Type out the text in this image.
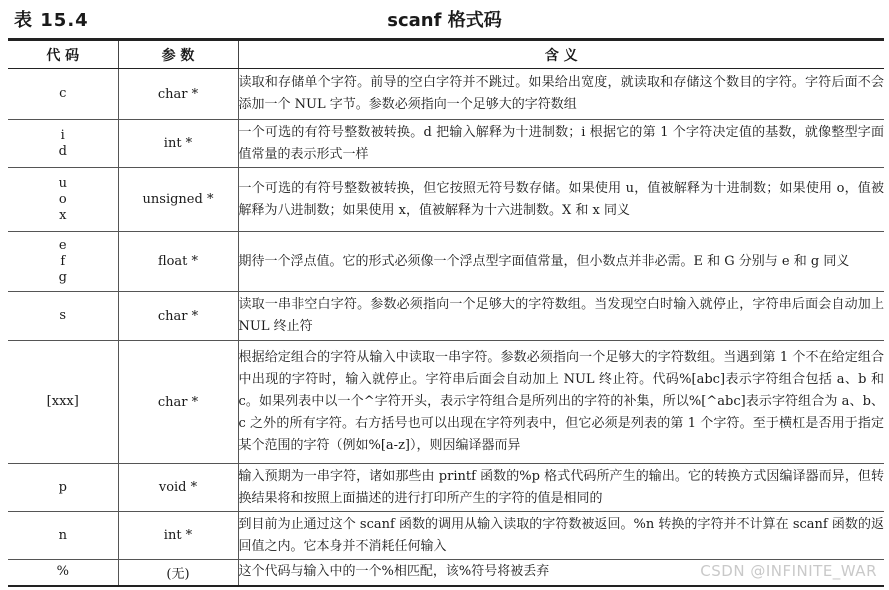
表 15.4	scanf 格式码
代 码	参 数	含 义

c	char *	读取和存储单个字符。前导的空白字符并不跳过。如果给出宽度，就读取和存储这个数目的字符。字符后面不会添加一个 NUL 字节。参数必须指向一个足够大的字符数组

i
d	int *	一个可选的有符号整数被转换。d 把输入解释为十进制数；i 根据它的第 1 个字符决定值的基数，就像整型字面值常量的表示形式一样

u
o
x	unsigned *	一个可选的有符号整数被转换，但它按照无符号数存储。如果使用 u，值被解释为十进制数；如果使用 o，值被解释为八进制数；如果使用 x，值被解释为十六进制数。X 和 x 同义

e
f
g	float *	期待一个浮点值。它的形式必须像一个浮点型字面值常量，但小数点并非必需。E 和 G 分别与 e 和 g 同义

s	char *	读取一串非空白字符。参数必须指向一个足够大的字符数组。当发现空白时输入就停止，字符串后面会自动加上 NUL 终止符

[xxx]	char *	根据给定组合的字符从输入中读取一串字符。参数必须指向一个足够大的字符数组。当遇到第 1 个不在给定组合中出现的字符时，输入就停止。字符串后面会自动加上 NUL 终止符。代码%[abc]表示字符组合包括 a、b 和 c。如果列表中以一个^字符开头，表示字符组合是所列出的字符的补集，所以%[^abc]表示字符组合为 a、b、c 之外的所有字符。右方括号也可以出现在字符列表中，但它必须是列表的第 1 个字符。至于横杠是否用于指定某个范围的字符（例如%[a-z]），则因编译器而异

p	void *	输入预期为一串字符，诸如那些由 printf 函数的%p 格式代码所产生的输出。它的转换方式因编译器而异，但转换结果将和按照上面描述的进行打印所产生的字符的值是相同的

n	int *	到目前为止通过这个 scanf 函数的调用从输入读取的字符数被返回。%n 转换的字符并不计算在 scanf 函数的返回值之内。它本身并不消耗任何输入

%	(无)	这个代码与输入中的一个%相匹配，该%符号将被丢弃	CSDN @INFINITE_WAR
